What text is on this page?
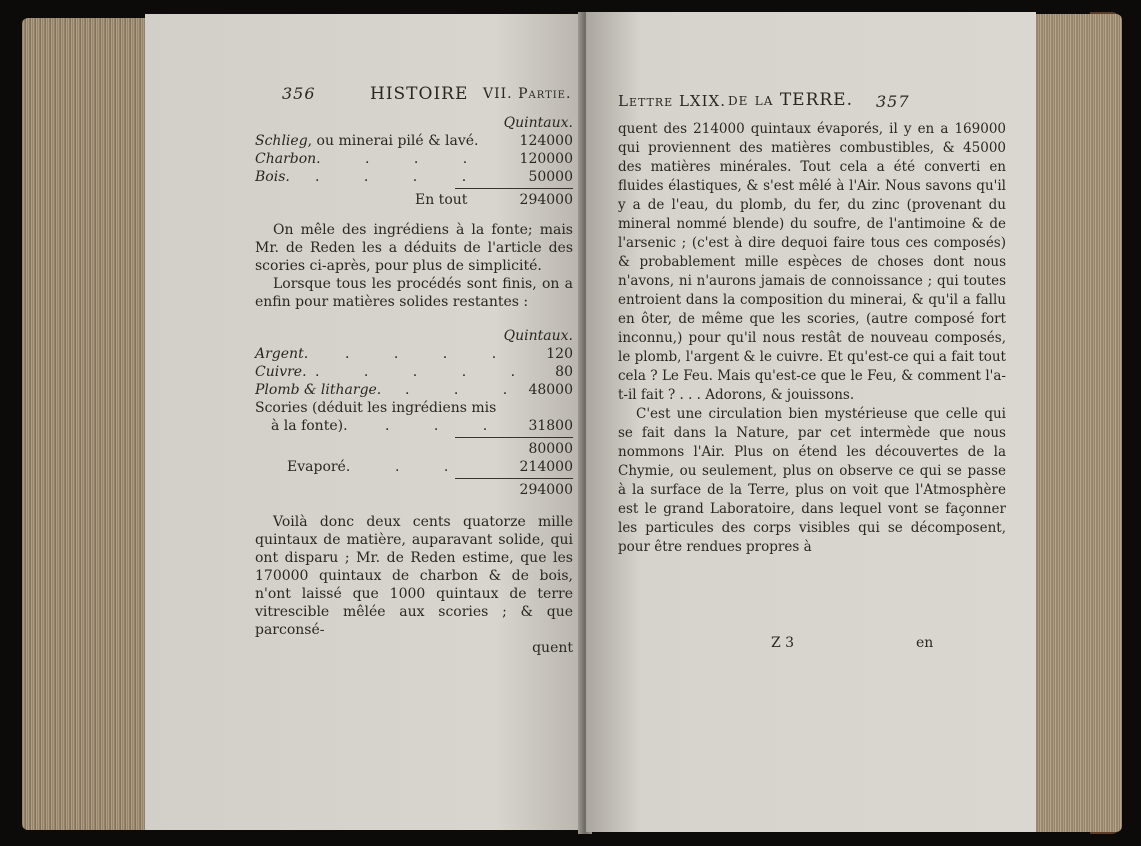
356	HISTOIRE VII. Partie.
Quintaux.
Schlieg, ou minerai pilé & lavé.	124000
Charbon.	. . . 120000
Bois. . . . .	50000
En tout	294000

On mêle des ingrédiens à la fonte; mais Mr. de Reden les a déduits de l'article des scories ci-après, pour plus de simplicité.

Lorsque tous les procédés sont finis, on a enfin pour matières solides restantes :

Quintaux.
Argent.	. . . . 120
Cuivre. . . . . . 80
Plomb & litharge. . . . 48000
Scories (déduit les ingrédiens mis
à la fonte).	. . . 31800
80000
Evaporé.	. .	214000
294000

Voilà donc deux cents quatorze mille quintaux de matière, auparavant solide, qui ont disparu ; Mr. de Reden estime, que les 170000 quintaux de charbon & de bois, n'ont laissé que 1000 quintaux de terre vitrescible mêlée aux scories ; & que parconsé-

quent
Lettre LXIX. de la TERRE. 357

quent des 214000 quintaux évaporés, il y en a 169000 qui proviennent des matières combustibles, & 45000 des matières minérales. Tout cela a été converti en fluides élastiques, & s'est mêlé à l'Air. Nous savons qu'il y a de l'eau, du plomb, du fer, du zinc (provenant du mineral nommé blende) du soufre, de l'antimoine & de l'arsenic ; (c'est à dire dequoi faire tous ces composés) & probablement mille espèces de choses dont nous n'avons, ni n'aurons jamais de connoissance ; qui toutes entroient dans la composition du minerai, & qu'il a fallu en ôter, de même que les scories, (autre composé fort inconnu,) pour qu'il nous restât de nouveau composés, le plomb, l'argent & le cuivre. Et qu'est-ce qui a fait tout cela ? Le Feu. Mais qu'est-ce que le Feu, & comment l'a-t-il fait ? . . . Adorons, & jouissons.

C'est une circulation bien mystérieuse que celle qui se fait dans la Nature, par cet intermède que nous nommons l'Air. Plus on étend les découvertes de la Chymie, ou seulement, plus on observe ce qui se passe à la surface de la Terre, plus on voit que l'Atmosphère est le grand Laboratoire, dans lequel vont se façonner les particules des corps visibles qui se décomposent, pour être rendues propres à

Z 3	en
